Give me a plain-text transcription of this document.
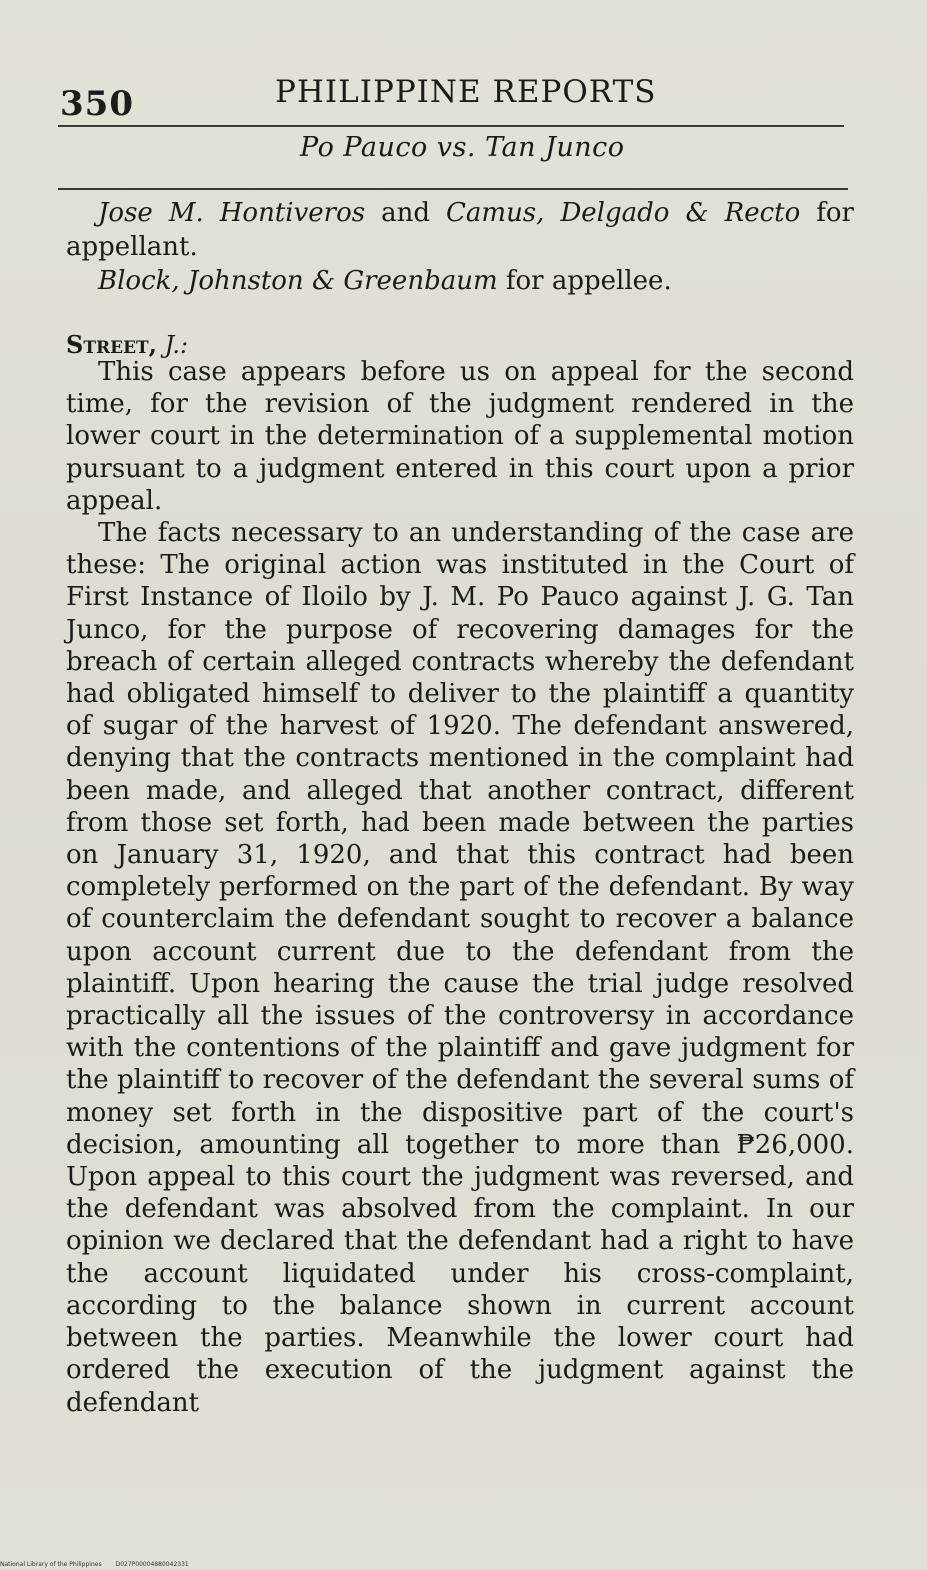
350	PHILIPPINE REPORTS
Po Pauco vs. Tan Junco

Jose M. Hontiveros and Camus, Delgado & Recto for appellant.

Block, Johnston & Greenbaum for appellee.

Street, J.:

This case appears before us on appeal for the second time, for the revision of the judgment rendered in the lower court in the determination of a supplemental motion pursuant to a judgment entered in this court upon a prior appeal.

The facts necessary to an understanding of the case are these: The original action was instituted in the Court of First Instance of Iloilo by J. M. Po Pauco against J. G. Tan Junco, for the purpose of recovering damages for the breach of certain alleged contracts whereby the defendant had obligated himself to deliver to the plaintiff a quantity of sugar of the harvest of 1920. The defendant answered, denying that the contracts mentioned in the complaint had been made, and alleged that another contract, different from those set forth, had been made between the parties on January 31, 1920, and that this contract had been completely performed on the part of the defendant. By way of counterclaim the defendant sought to recover a balance upon account current due to the defendant from the plaintiff. Upon hearing the cause the trial judge resolved practically all the issues of the controversy in accordance with the contentions of the plaintiff and gave judgment for the plaintiff to recover of the defendant the several sums of money set forth in the dispositive part of the court's decision, amounting all together to more than ₱26,000. Upon appeal to this court the judgment was reversed, and the defendant was absolved from the complaint. In our opinion we declared that the defendant had a right to have the account liquidated under his cross-complaint, according to the balance shown in current account between the parties. Meanwhile the lower court had ordered the execution of the judgment against the defendant

National Library of the Philippines D027P00004880042331
